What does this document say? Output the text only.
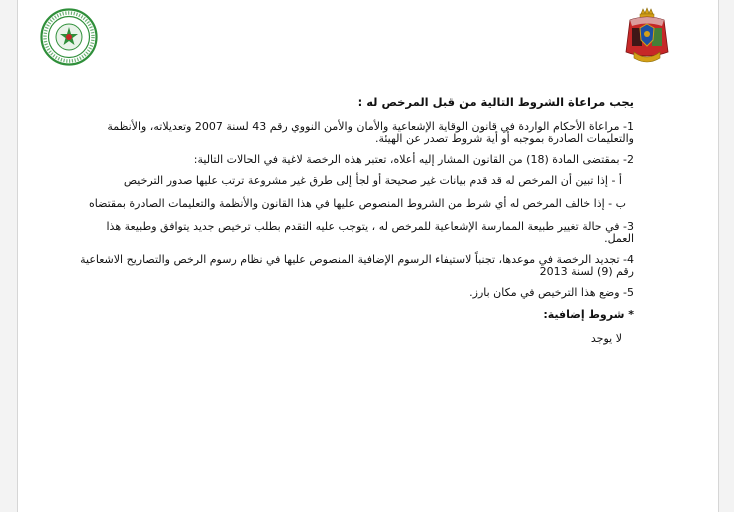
يجب مراعاة الشروط التالية من قبل المرخص له :
1- مراعاة الأحكام الواردة في قانون الوقاية الإشعاعية والأمان والأمن النووي رقم 43 لسنة 2007 وتعديلاته، والأنظمة والتعليمات الصادرة بموجبه أو أية شروط تصدر عن الهيئة.
2- بمقتضى المادة (18) من القانون المشار إليه أعلاه، تعتبر هذه الرخصة لاغية في الحالات التالية:
أ - إذا تبين أن المرخص له قد قدم بيانات غير صحيحة أو لجأ إلى طرق غير مشروعة ترتب عليها صدور الترخيص
ب - إذا خالف المرخص له أي شرط من الشروط المنصوص عليها في هذا القانون والأنظمة والتعليمات الصادرة بمقتضاه
3- في حالة تغيير طبيعة الممارسة الإشعاعية للمرخص له ، يتوجب عليه التقدم بطلب ترخيص جديد يتوافق وطبيعة هذا العمل.
4- تجديد الرخصة في موعدها، تجنباً لاستيفاء الرسوم الإضافية المنصوص عليها في نظام رسوم الرخص والتصاريح الاشعاعية رقم (9) لسنة 2013
5- وضع هذا الترخيص في مكان بارز.
* شروط إضافية:
لا يوجد
